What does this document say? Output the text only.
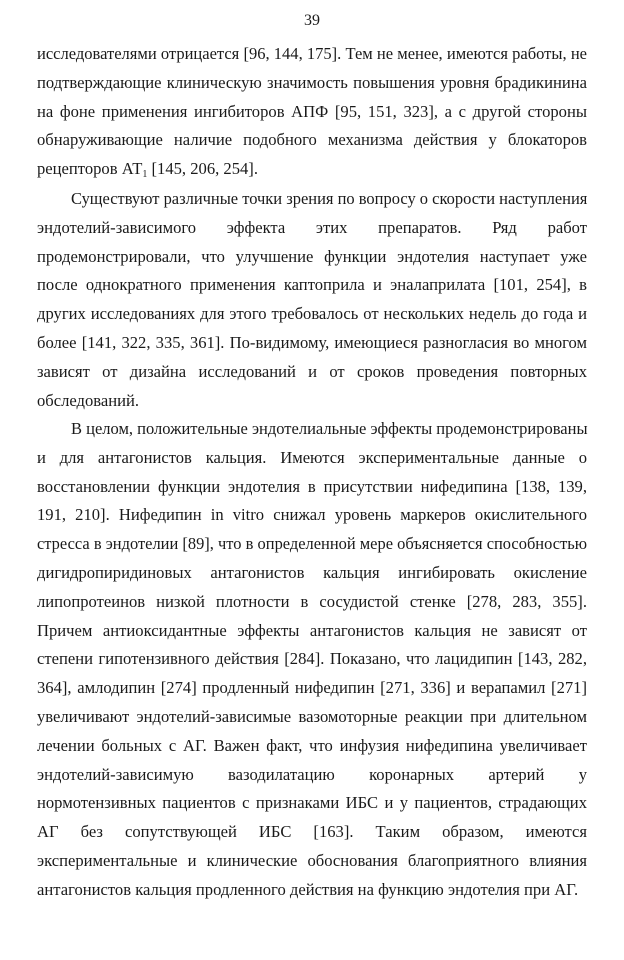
39
исследователями отрицается [96, 144, 175]. Тем не менее, имеются работы, не
подтверждающие клиническую значимость повышения уровня брадикинина
на фоне применения ингибиторов АПФ [95, 151, 323], а с другой стороны
обнаруживающие наличие подобного механизма действия у блокаторов
рецепторов $АТ_1$ [145, 206, 254].
Существуют различные точки зрения по вопросу о скорости наступления
эндотелий-зависимого эффекта этих препаратов. Ряд работ
продемонстрировали, что улучшение функции эндотелия наступает уже
после однократного применения каптоприла и эналаприлата [101, 254], в
других исследованиях для этого требовалось от нескольких недель до года и
более [141, 322, 335, 361]. По-видимому, имеющиеся разногласия во многом
зависят от дизайна исследований и от сроков проведения повторных
обследований.
В целом, положительные эндотелиальные эффекты продемонстрированы
и для антагонистов кальция. Имеются экспериментальные данные о
восстановлении функции эндотелия в присутствии нифедипина [138, 139,
191, 210]. Нифедипин in vitro снижал уровень маркеров окислительного
стресса в эндотелии [89], что в определенной мере объясняется способностью
дигидропиридиновых антагонистов кальция ингибировать окисление
липопротеинов низкой плотности в сосудистой стенке [278, 283, 355].
Причем антиоксидантные эффекты антагонистов кальция не зависят от
степени гипотензивного действия [284]. Показано, что лацидипин [143, 282,
364], амлодипин [274] продленный нифедипин [271, 336] и верапамил [271]
увеличивают эндотелий-зависимые вазомоторные реакции при длительном
лечении больных с АГ. Важен факт, что инфузия нифедипина увеличивает
эндотелий-зависимую вазодилатацию коронарных артерий у
нормотензивных пациентов с признаками ИБС и у пациентов, страдающих
АГ без сопутствующей ИБС [163]. Таким образом, имеются
экспериментальные и клинические обоснования благоприятного влияния
антагонистов кальция продленного действия на функцию эндотелия при АГ.
